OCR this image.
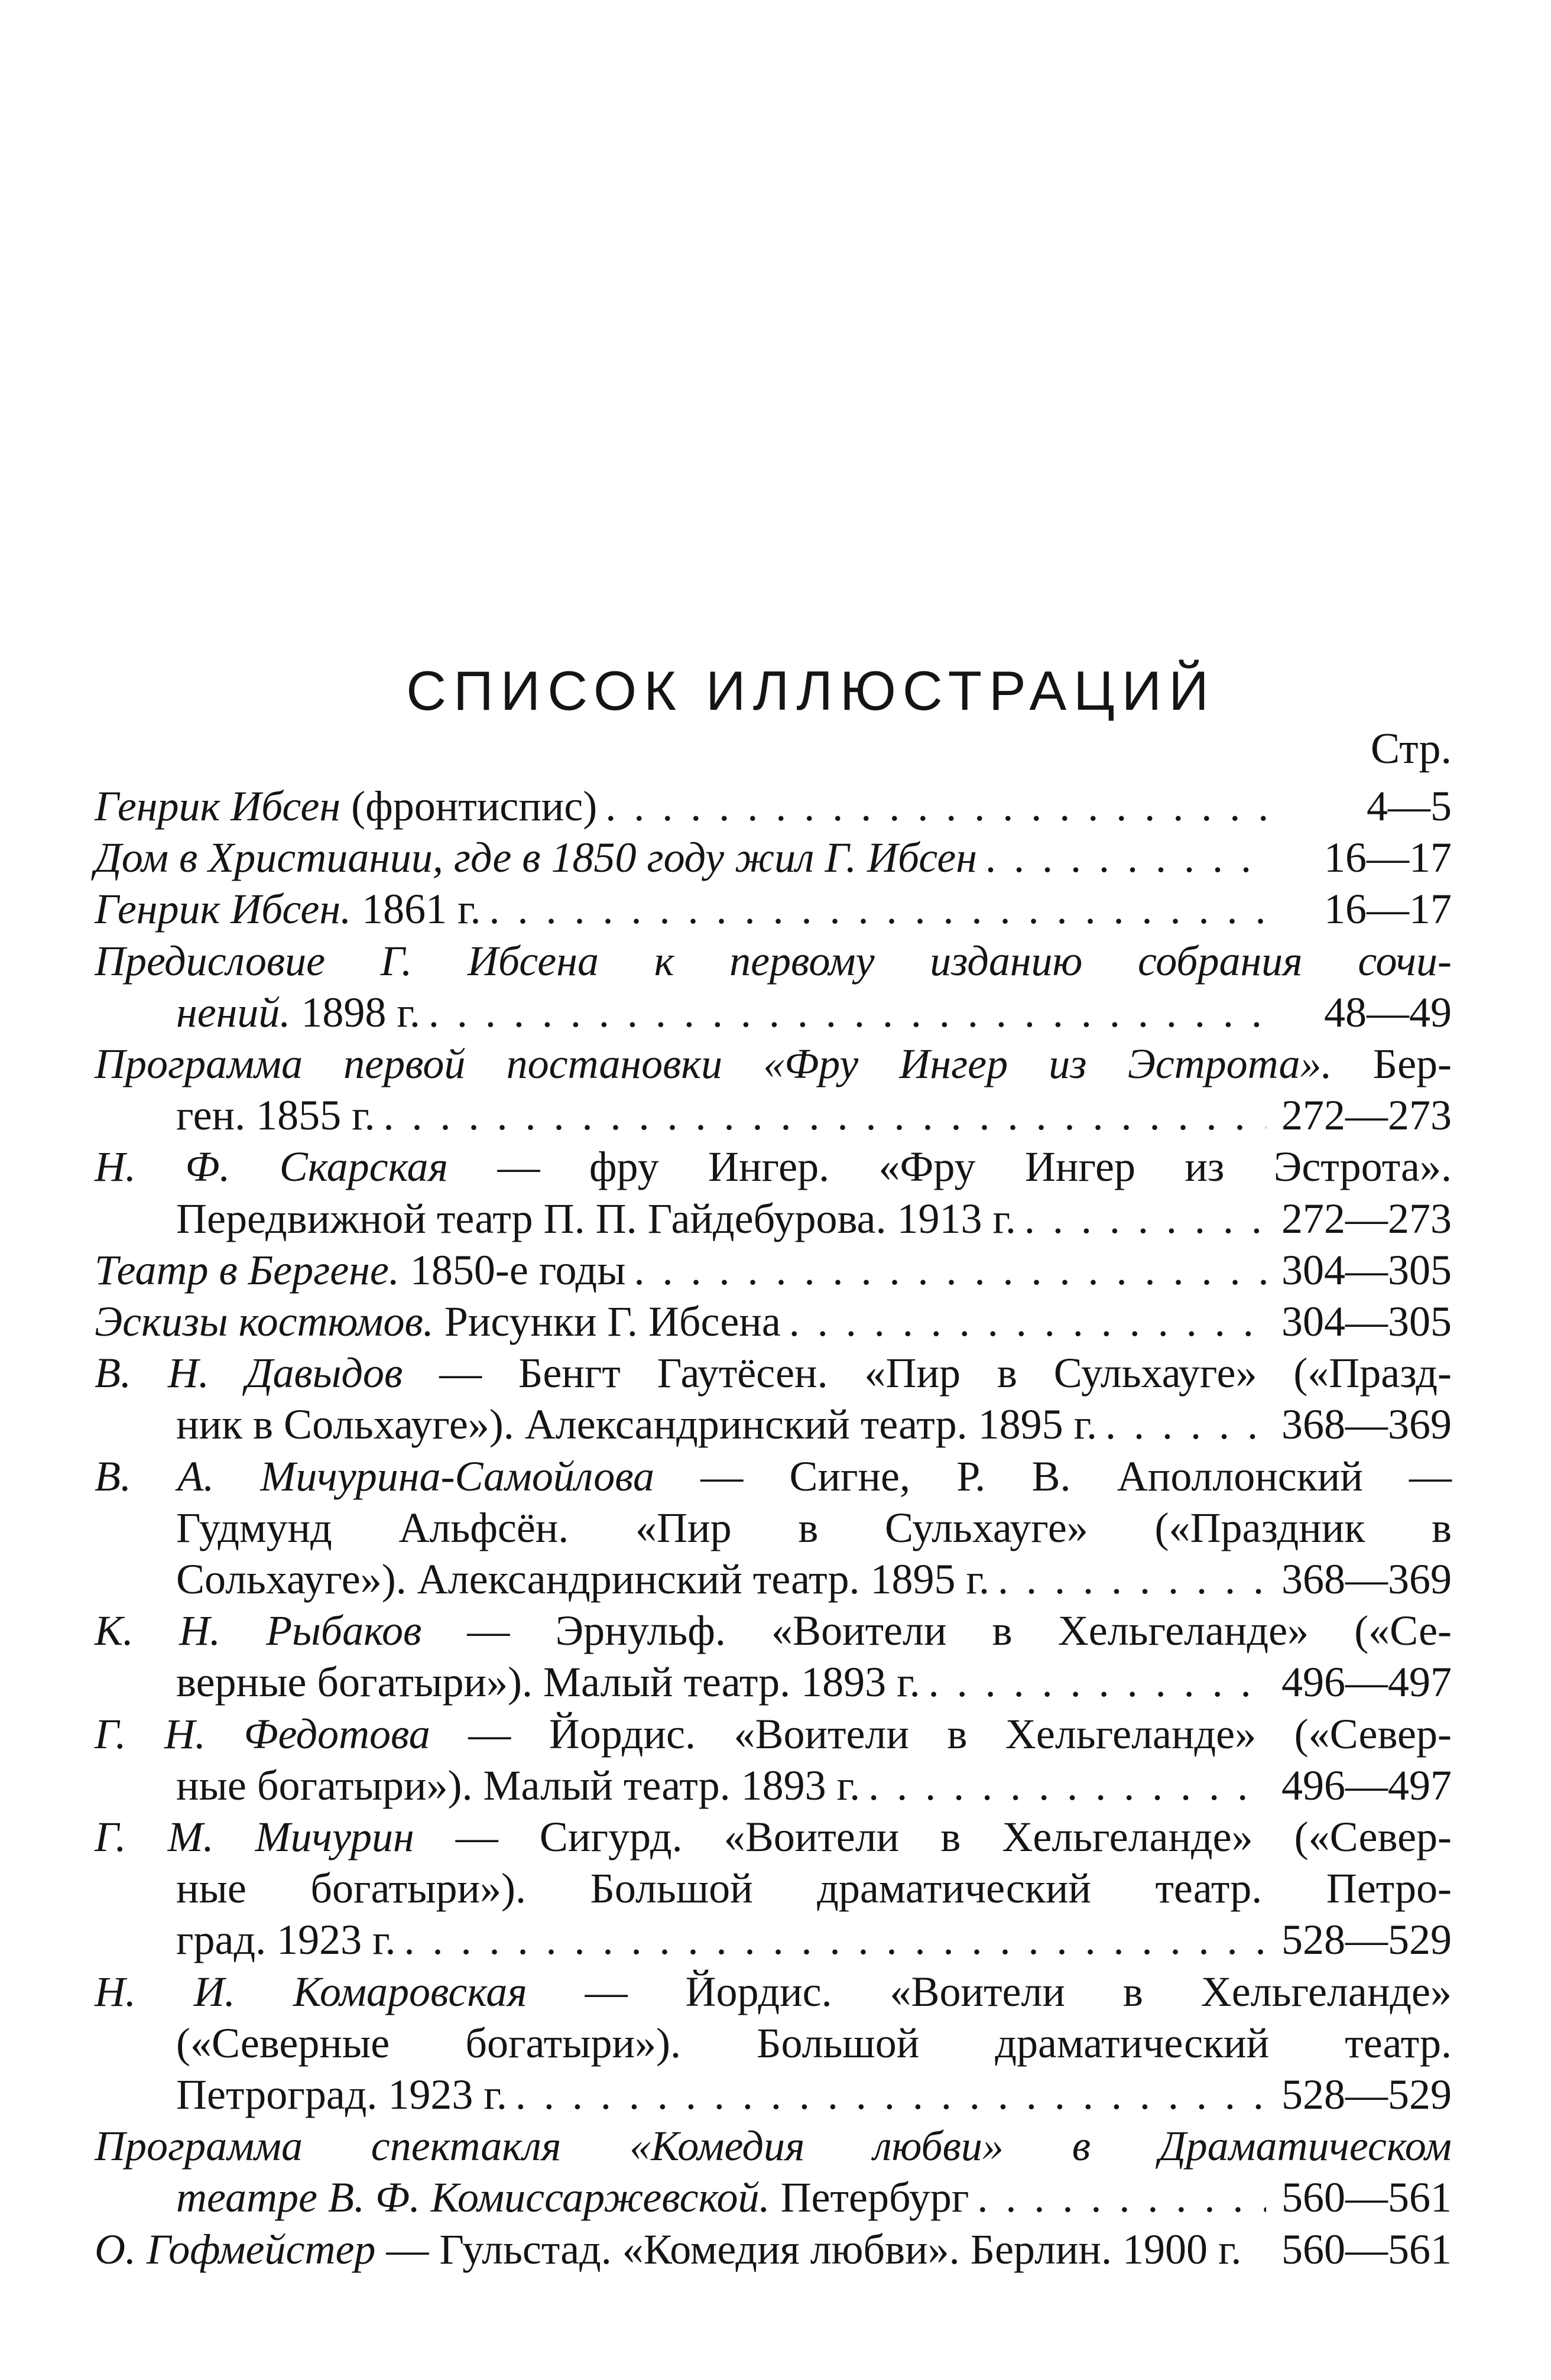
СПИСОК ИЛЛЮСТРАЦИЙ
Стр.
Генрик Ибсен (фронтиспис) . . .	4—5
Дом в Христиании, где в 1850 году жил Г. Ибсен . . .	16—17
Генрик Ибсен. 1861 г. . . .	16—17
Предисловие Г. Ибсена к первому изданию собрания сочи-
нений. 1898 г. . . .	48—49
Программа первой постановки «Фру Ингер из Эстрота». Бер-
ген. 1855 г. . . .	272—273
Н. Ф. Скарская — фру Ингер. «Фру Ингер из Эстрота».
Передвижной театр П. П. Гайдебурова. 1913 г. . . .	272—273
Театр в Бергене. 1850-е годы . . .	304—305
Эскизы костюмов. Рисунки Г. Ибсена . . .	304—305
В. Н. Давыдов — Бенгт Гаутёсен. «Пир в Сульхауге» («Празд-
ник в Сольхауге»). Александринский театр. 1895 г. . . .	368—369
В. А. Мичурина-Самойлова — Сигне, Р. В. Аполлонский —
Гудмунд Альфсён. «Пир в Сульхауге» («Праздник в
Сольхауге»). Александринский театр. 1895 г. . . .	368—369
К. Н. Рыбаков — Эрнульф. «Воители в Хельгеланде» («Се-
верные богатыри»). Малый театр. 1893 г. . . .	496—497
Г. Н. Федотова — Йордис. «Воители в Хельгеланде» («Север-
ные богатыри»). Малый театр. 1893 г. . . .	496—497
Г. М. Мичурин — Сигурд. «Воители в Хельгеланде» («Север-
ные богатыри»). Большой драматический театр. Петро-
град. 1923 г. . . .	528—529
Н. И. Комаровская — Йордис. «Воители в Хельгеланде»
(«Северные богатыри»). Большой драматический театр.
Петроград. 1923 г. . . .	528—529
Программа спектакля «Комедия любви» в Драматическом
театре В. Ф. Комиссаржевской. Петербург . . .	560—561
О. Гофмейстер — Гульстад. «Комедия любви». Берлин. 1900 г. 560—561
